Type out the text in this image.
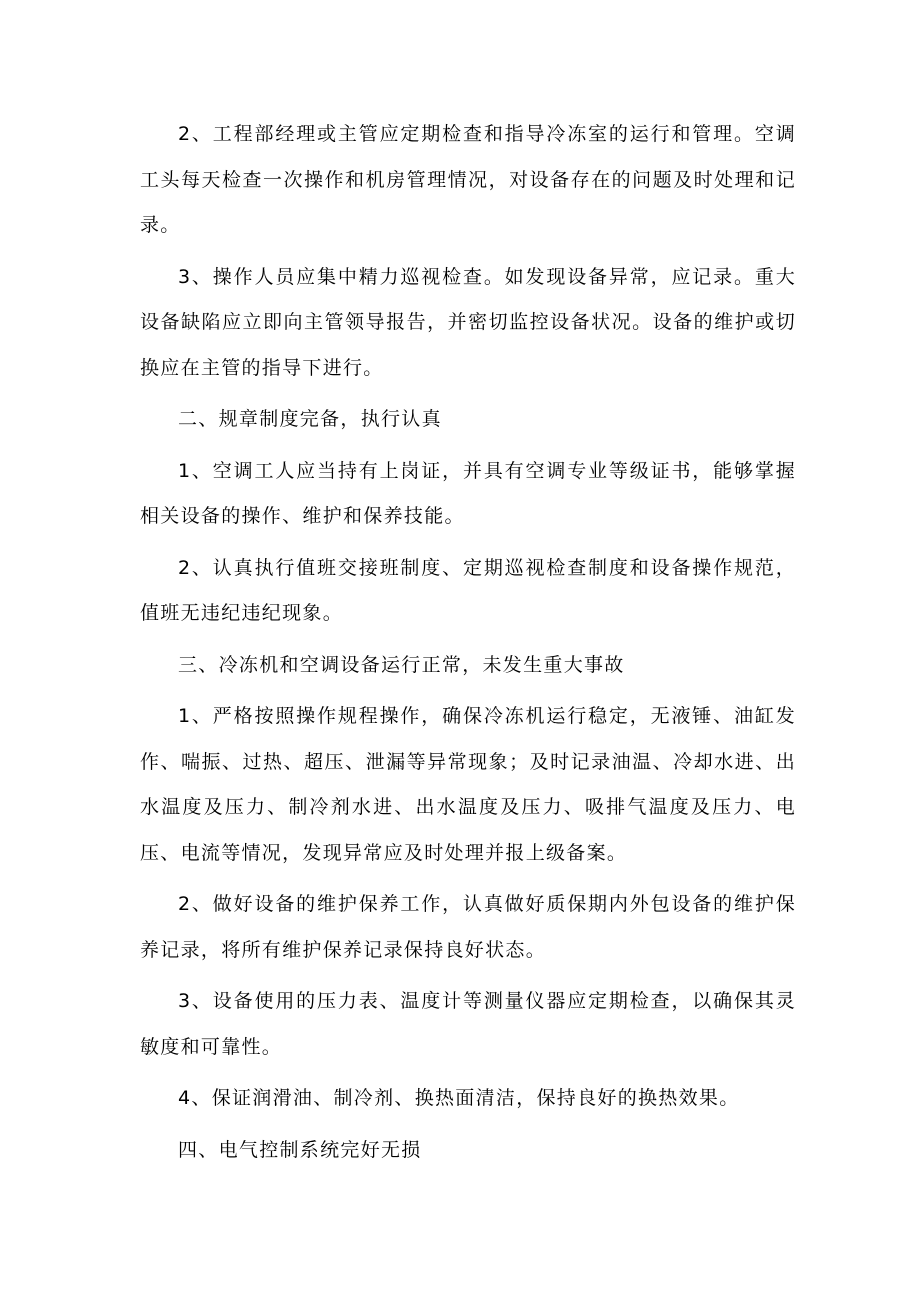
2、工程部经理或主管应定期检查和指导冷冻室的运行和管理。空调工头每天检查一次操作和机房管理情况，对设备存在的问题及时处理和记录。

3、操作人员应集中精力巡视检查。如发现设备异常，应记录。重大设备缺陷应立即向主管领导报告，并密切监控设备状况。设备的维护或切换应在主管的指导下进行。

二、规章制度完备，执行认真

1、空调工人应当持有上岗证，并具有空调专业等级证书，能够掌握相关设备的操作、维护和保养技能。

2、认真执行值班交接班制度、定期巡视检查制度和设备操作规范，值班无违纪违纪现象。

三、冷冻机和空调设备运行正常，未发生重大事故

1、严格按照操作规程操作，确保冷冻机运行稳定，无液锤、油缸发作、喘振、过热、超压、泄漏等异常现象；及时记录油温、冷却水进、出水温度及压力、制冷剂水进、出水温度及压力、吸排气温度及压力、电压、电流等情况，发现异常应及时处理并报上级备案。

2、做好设备的维护保养工作，认真做好质保期内外包设备的维护保养记录，将所有维护保养记录保持良好状态。

3、设备使用的压力表、温度计等测量仪器应定期检查，以确保其灵敏度和可靠性。

4、保证润滑油、制冷剂、换热面清洁，保持良好的换热效果。

四、电气控制系统完好无损
